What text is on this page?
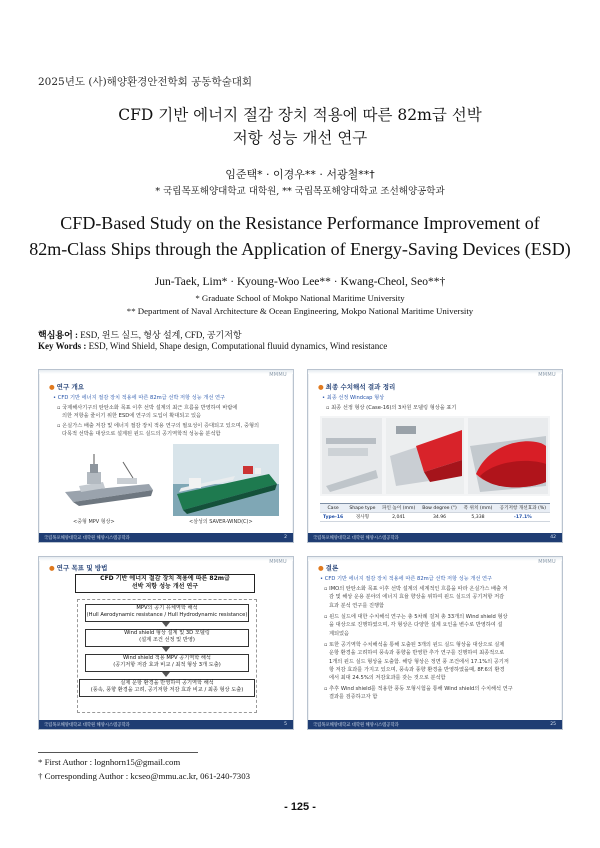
2025년도 (사)해양환경안전학회 공동학술대회
CFD 기반 에너지 절감 장치 적용에 따른 82m급 선박
저항 성능 개선 연구
임준택* · 이경우** · 서광철**†
* 국립목포해양대학교 대학원, ** 국립목포해양대학교 조선해양공학과
CFD-Based Study on the Resistance Performance Improvement of
82m-Class Ships through the Application of Energy-Saving Devices (ESD)
Jun-Taek, Lim* · Kyoung-Woo Lee** · Kwang-Cheol, Seo**†
* Graduate School of Mokpo National Maritime University
** Department of Naval Architecture & Ocean Engineering, Mokpo National Maritime University
핵심용어 : ESD, 윈드 실드, 형상 설계, CFD, 공기저항
Key Words : ESD, Wind Shield, Shape design, Computational fluuid dynamics, Wind resistance
MMMU
● 연구 개요
• CFD 기반 에너지 절감 장치 적용에 따른 82m급 선박 저항 성능 개선 연구
▫ 국제해사기구의 탄탄소화 목표 이후 선박 설계의 최근 흐름을 반영하여 바람에
의한 저항을 줄이기 위한 ESD에 연구의 도입이 확대되고 있음
▫ 온실가스 배출 저감 및 에너지 절감 장치 적용 연구의 필요성이 증대되고 있으며, 중형의
다목적 선박을 대상으로 설계된 윈드 실드의 공기역학적 성능을 분석함
<중형 MPV 형상>	<삼성의 SAVER-WIND(C)>
국립목포해양대학교 대학원 해양시스템공학과	2
MMMU
● 최종 수치해석 결과 정리
• 최종 선정 Windcap 형상
▫ 최종 선정 형상 (Case-16)의 3차원 모델링 형상을 표기
Case	Shape type	파인 높이 (mm)	Bow degree (°)	폭 위치 (mm)	공기저항 개선효과 (%)
Type-16	경사형	2,041	34.96	5,338	-17.1%
국립목포해양대학교 대학원 해양시스템공학과	42
MMMU
● 연구 목표 및 방법
CFD 기반 에너지 절감 장치 적용에 따른 82m급
선박 저항 성능 개선 연구
MPV의 공기 유체역학 해석
(Hull Aerodynamic resistance / Hull Hydrodynamic resistance)
Wind shield 형상 설계 및 3D 모델링
(설계 조건 선정 및 반영)
Wind shield 적용 MPV 공기역학 해석
(공기저항 저감 효과 비교 / 최적 형상 3개 도출)
실제 운항 환경을 반영하여 공기역학 해석
(풍속, 풍향 환경을 고려, 공기저항 저감 효과 비교 / 최종 형상 도출)
국립목포해양대학교 대학원 해양시스템공학과	5
MMMU
● 결론
• CFD 기반 에너지 절감 장치 적용에 따른 82m급 선박 저항 성능 개선 연구
▫ IMO의 탄탄소화 목표 이후 선박 설계의 세계적인 흐름을 따라 온실가스 배출 저
감 및 해상 운용 분야의 에너지 효율 향상을 위하여 윈드 실드의 공기저항 저감
효과 분석 연구를 진행함
▫ 윈드 실드에 대한 수치해석 연구는 총 5차례 걸쳐 총 33개의 Wind shield 형상
을 대상으로 진행하였으며, 각 형상은 다양한 설계 요인을 변수로 반영하여 설
계되었음
▫ 또한 공기역학 수치해석을 통해 도출된 3개의 윈드 실드 형상을 대상으로 실제
운항 환경을 고려하여 풍속과 풍향을 반영한 추가 연구를 진행하여 최종적으로
1개의 윈드 실드 형상을 도출함. 해당 형상은 정면 풍 조건에서 17.1%의 공기저
항 저감 효과를 가지고 있으며, 풍속과 풍향 환경을 반영하였을때, 8F.6의 환경
에서 최대 24.5%의 저감효과를 갖는 것으로 분석함
▫ 추후 Wind shield를 적용한 풍동 모형시험을 통해 Wind shield의 수치해석 연구
결과를 검증하고자 함
국립목포해양대학교 대학원 해양시스템공학과	25
* First Author : lognhorn15@gmail.com
† Corresponding Author : kcseo@mmu.ac.kr, 061-240-7303
- 125 -
